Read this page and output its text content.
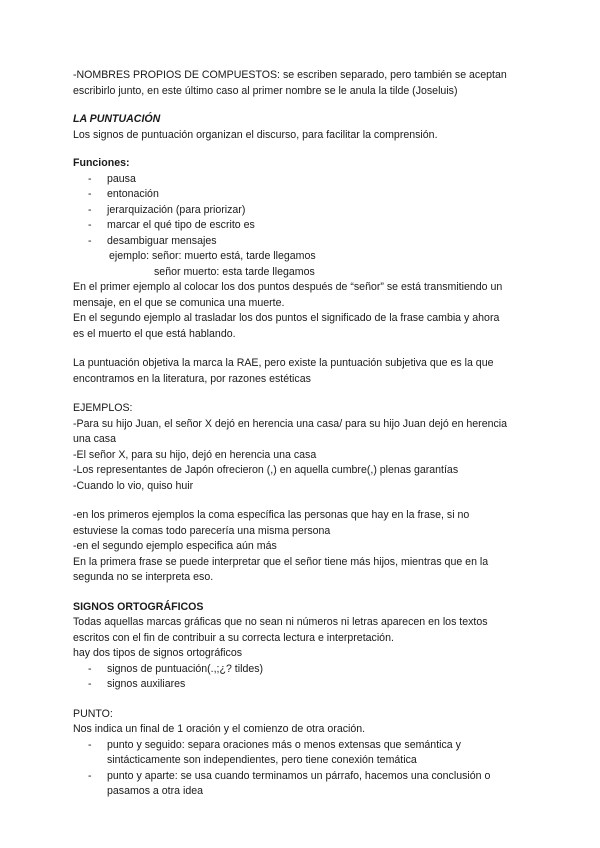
-NOMBRES PROPIOS DE COMPUESTOS: se escriben separado, pero también se aceptan
escribirlo junto, en este último caso al primer nombre se le anula la tilde (Joseluis)
LA PUNTUACIÓN
Los signos de puntuación organizan el discurso, para facilitar la comprensión.
Funciones:
- pausa
- entonación
- jerarquización (para priorizar)
- marcar el qué tipo de escrito es
- desambiguar mensajes
ejemplo: señor: muerto está, tarde llegamos
señor muerto: esta tarde llegamos
En el primer ejemplo al colocar los dos puntos después de “señor” se está transmitiendo un
mensaje, en el que se comunica una muerte.
En el segundo ejemplo al trasladar los dos puntos el significado de la frase cambia y ahora
es el muerto el que está hablando.
La puntuación objetiva la marca la RAE, pero existe la puntuación subjetiva que es la que
encontramos en la literatura, por razones estéticas
EJEMPLOS:
-Para su hijo Juan, el señor X dejó en herencia una casa/ para su hijo Juan dejó en herencia
una casa
-El señor X, para su hijo, dejó en herencia una casa
-Los representantes de Japón ofrecieron (,) en aquella cumbre(,) plenas garantías
-Cuando lo vio, quiso huir
-en los primeros ejemplos la coma específica las personas que hay en la frase, si no
estuviese la comas todo parecería una misma persona
-en el segundo ejemplo especifica aún más
En la primera frase se puede interpretar que el señor tiene más hijos, mientras que en la
segunda no se interpreta eso.
SIGNOS ORTOGRÁFICOS
Todas aquellas marcas gráficas que no sean ni números ni letras aparecen en los textos
escritos con el fin de contribuir a su correcta lectura e interpretación.
hay dos tipos de signos ortográficos
- signos de puntuación(.,;¿? tildes)
- signos auxiliares
PUNTO:
Nos indica un final de 1 oración y el comienzo de otra oración.
- punto y seguido: separa oraciones más o menos extensas que semántica y
sintácticamente son independientes, pero tiene conexión temática
- punto y aparte: se usa cuando terminamos un párrafo, hacemos una conclusión o
pasamos a otra idea
